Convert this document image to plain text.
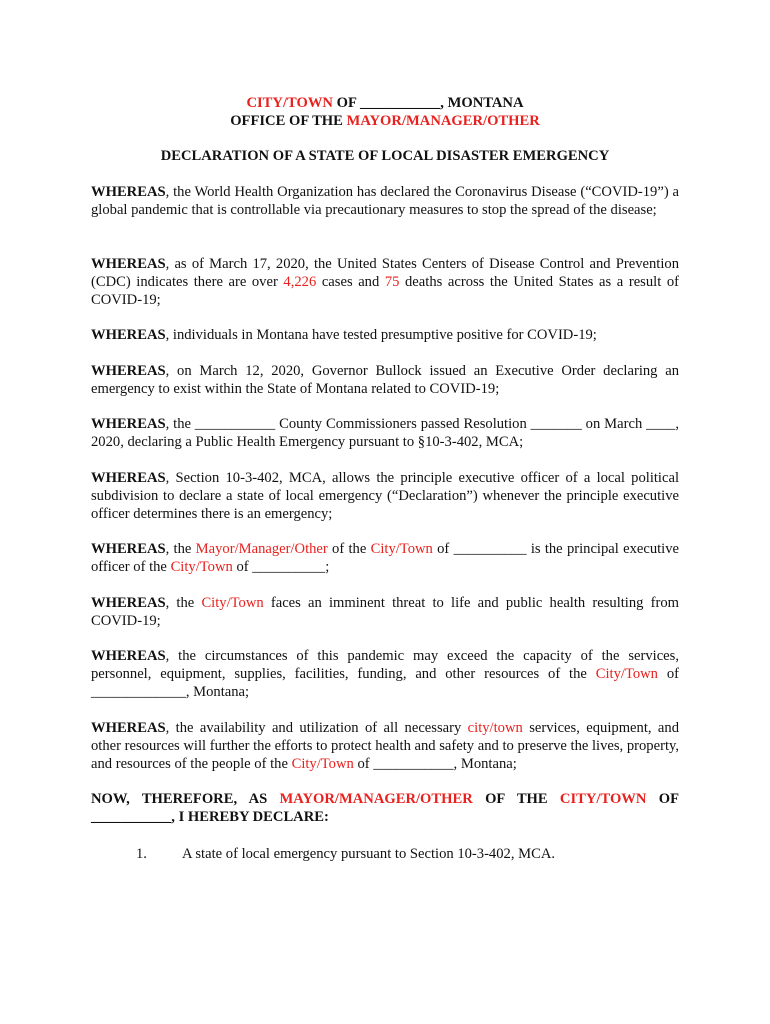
CITY/TOWN OF ___________, MONTANA

OFFICE OF THE MAYOR/MANAGER/OTHER

DECLARATION OF A STATE OF LOCAL DISASTER EMERGENCY

WHEREAS, the World Health Organization has declared the Coronavirus Disease (“COVID-19”) a global pandemic that is controllable via precautionary measures to stop the spread of the disease;

WHEREAS, as of March 17, 2020, the United States Centers of Disease Control and Prevention (CDC) indicates there are over 4,226 cases and 75 deaths across the United States as a result of COVID-19;

WHEREAS, individuals in Montana have tested presumptive positive for COVID-19;

WHEREAS, on March 12, 2020, Governor Bullock issued an Executive Order declaring an emergency to exist within the State of Montana related to COVID-19;

WHEREAS, the ___________ County Commissioners passed Resolution _______ on March ____, 2020, declaring a Public Health Emergency pursuant to §10-3-402, MCA;

WHEREAS, Section 10-3-402, MCA, allows the principle executive officer of a local political subdivision to declare a state of local emergency (“Declaration”) whenever the principle executive officer determines there is an emergency;

WHEREAS, the Mayor/Manager/Other of the City/Town of __________ is the principal executive officer of the City/Town of __________;

WHEREAS, the City/Town faces an imminent threat to life and public health resulting from COVID-19;

WHEREAS, the circumstances of this pandemic may exceed the capacity of the services, personnel, equipment, supplies, facilities, funding, and other resources of the City/Town of _____________, Montana;

WHEREAS, the availability and utilization of all necessary city/town services, equipment, and other resources will further the efforts to protect health and safety and to preserve the lives, property, and resources of the people of the City/Town of ___________, Montana;

NOW, THEREFORE, AS MAYOR/MANAGER/OTHER OF THE CITY/TOWN OF ___________, I HEREBY DECLARE:

1. A state of local emergency pursuant to Section 10-3-402, MCA.
